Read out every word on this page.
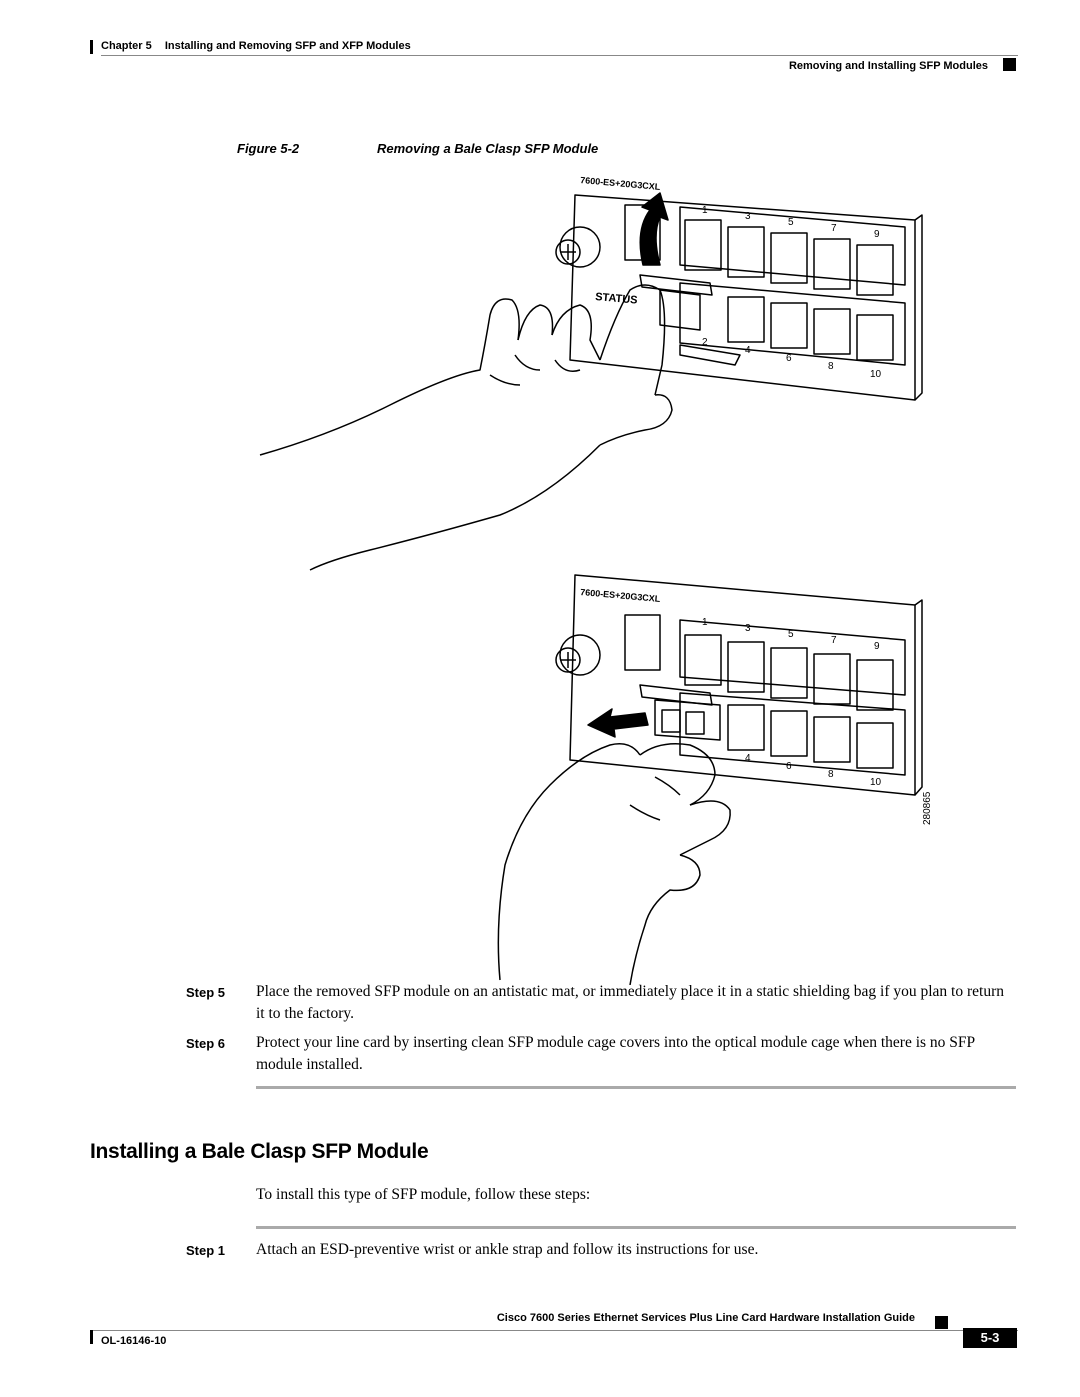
Chapter 5 Installing and Removing SFP and XFP Modules
Removing and Installing SFP Modules
Figure 5-2	Removing a Bale Clasp SFP Module
7600-ES+20G3CXL
STATUS
7600-ES+20G3CXL
1
3
5
7
9
1
3
5
7
9
2
4
6
8
10
4
6
8
10
280865
Step 5 Place the removed SFP module on an antistatic mat, or immediately place it in a static shielding bag if you plan to return it to the factory.
Step 6 Protect your line card by inserting clean SFP module cage covers into the optical module cage when there is no SFP module installed.
Installing a Bale Clasp SFP Module
To install this type of SFP module, follow these steps:
Step 1 Attach an ESD-preventive wrist or ankle strap and follow its instructions for use.
Cisco 7600 Series Ethernet Services Plus Line Card Hardware Installation Guide
OL-16146-10	5-3
